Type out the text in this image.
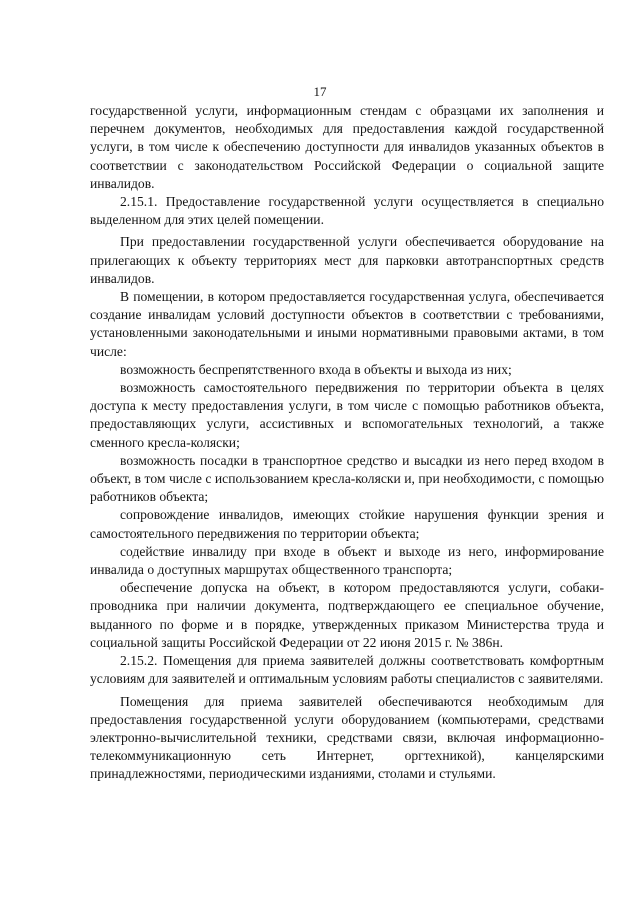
17

государственной услуги, информационным стендам с образцами их заполнения и перечнем документов, необходимых для предоставления каждой государственной услуги, в том числе к обеспечению доступности для инвалидов указанных объектов в соответствии с законодательством Российской Федерации о социальной защите инвалидов.

2.15.1. Предоставление государственной услуги осуществляется в специально выделенном для этих целей помещении.

При предоставлении государственной услуги обеспечивается оборудование на прилегающих к объекту территориях мест для парковки автотранспортных средств инвалидов.

В помещении, в котором предоставляется государственная услуга, обеспечивается создание инвалидам условий доступности объектов в соответствии с требованиями, установленными законодательными и иными нормативными правовыми актами, в том числе:

возможность беспрепятственного входа в объекты и выхода из них;

возможность самостоятельного передвижения по территории объекта в целях доступа к месту предоставления услуги, в том числе с помощью работников объекта, предоставляющих услуги, ассистивных и вспомогательных технологий, а также сменного кресла-коляски;

возможность посадки в транспортное средство и высадки из него перед входом в объект, в том числе с использованием кресла-коляски и, при необходимости, с помощью работников объекта;

сопровождение инвалидов, имеющих стойкие нарушения функции зрения и самостоятельного передвижения по территории объекта;

содействие инвалиду при входе в объект и выходе из него, информирование инвалида о доступных маршрутах общественного транспорта;

обеспечение допуска на объект, в котором предоставляются услуги, собаки-проводника при наличии документа, подтверждающего ее специальное обучение, выданного по форме и в порядке, утвержденных приказом Министерства труда и социальной защиты Российской Федерации от 22 июня 2015 г. № 386н.

2.15.2. Помещения для приема заявителей должны соответствовать комфортным условиям для заявителей и оптимальным условиям работы специалистов с заявителями.

Помещения для приема заявителей обеспечиваются необходимым для предоставления государственной услуги оборудованием (компьютерами, средствами электронно-вычислительной техники, средствами связи, включая информационно-телекоммуникационную сеть Интернет, оргтехникой), канцелярскими принадлежностями, периодическими изданиями, столами и стульями.
